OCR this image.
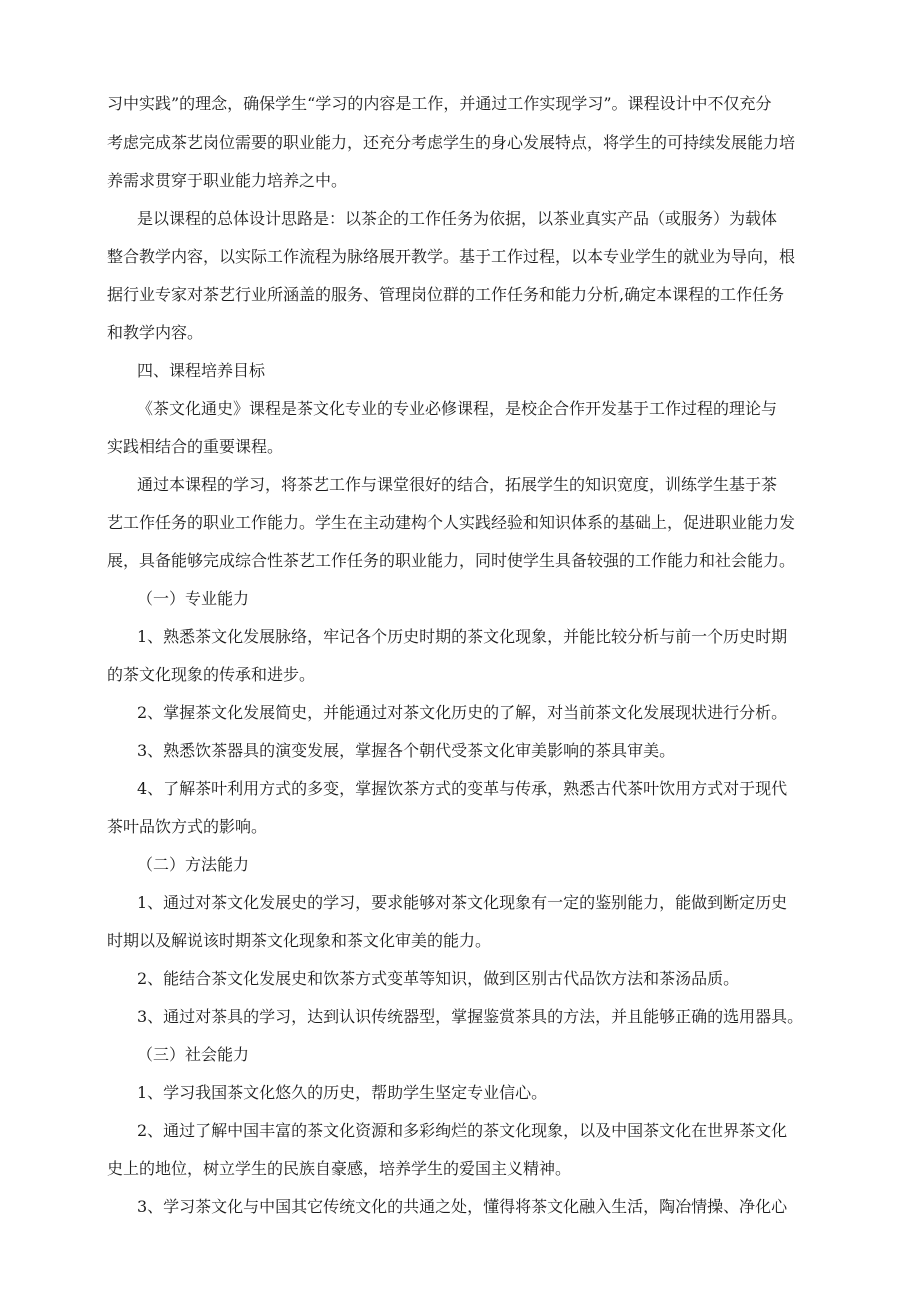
习中实践”的理念，确保学生“学习的内容是工作，并通过工作实现学习”。课程设计中不仅充分

考虑完成茶艺岗位需要的职业能力，还充分考虑学生的身心发展特点，将学生的可持续发展能力培

养需求贯穿于职业能力培养之中。

是以课程的总体设计思路是：以茶企的工作任务为依据，以茶业真实产品（或服务）为载体

整合教学内容，以实际工作流程为脉络展开教学。基于工作过程，以本专业学生的就业为导向，根

据行业专家对茶艺行业所涵盖的服务、管理岗位群的工作任务和能力分析,确定本课程的工作任务

和教学内容。

四、课程培养目标

《茶文化通史》课程是茶文化专业的专业必修课程，是校企合作开发基于工作过程的理论与

实践相结合的重要课程。

通过本课程的学习，将茶艺工作与课堂很好的结合，拓展学生的知识宽度，训练学生基于茶

艺工作任务的职业工作能力。学生在主动建构个人实践经验和知识体系的基础上，促进职业能力发

展，具备能够完成综合性茶艺工作任务的职业能力，同时使学生具备较强的工作能力和社会能力。

（一）专业能力

1、熟悉茶文化发展脉络，牢记各个历史时期的茶文化现象，并能比较分析与前一个历史时期

的茶文化现象的传承和进步。

2、掌握茶文化发展简史，并能通过对茶文化历史的了解，对当前茶文化发展现状进行分析。

3、熟悉饮茶器具的演变发展，掌握各个朝代受茶文化审美影响的茶具审美。

4、了解茶叶利用方式的多变，掌握饮茶方式的变革与传承，熟悉古代茶叶饮用方式对于现代

茶叶品饮方式的影响。

（二）方法能力

1、通过对茶文化发展史的学习，要求能够对茶文化现象有一定的鉴别能力，能做到断定历史

时期以及解说该时期茶文化现象和茶文化审美的能力。

2、能结合茶文化发展史和饮茶方式变革等知识，做到区别古代品饮方法和茶汤品质。

3、通过对茶具的学习，达到认识传统器型，掌握鉴赏茶具的方法，并且能够正确的选用器具。

（三）社会能力

1、学习我国茶文化悠久的历史，帮助学生坚定专业信心。

2、通过了解中国丰富的茶文化资源和多彩绚烂的茶文化现象，以及中国茶文化在世界茶文化

史上的地位，树立学生的民族自豪感，培养学生的爱国主义精神。

3、学习茶文化与中国其它传统文化的共通之处，懂得将茶文化融入生活，陶冶情操、净化心
